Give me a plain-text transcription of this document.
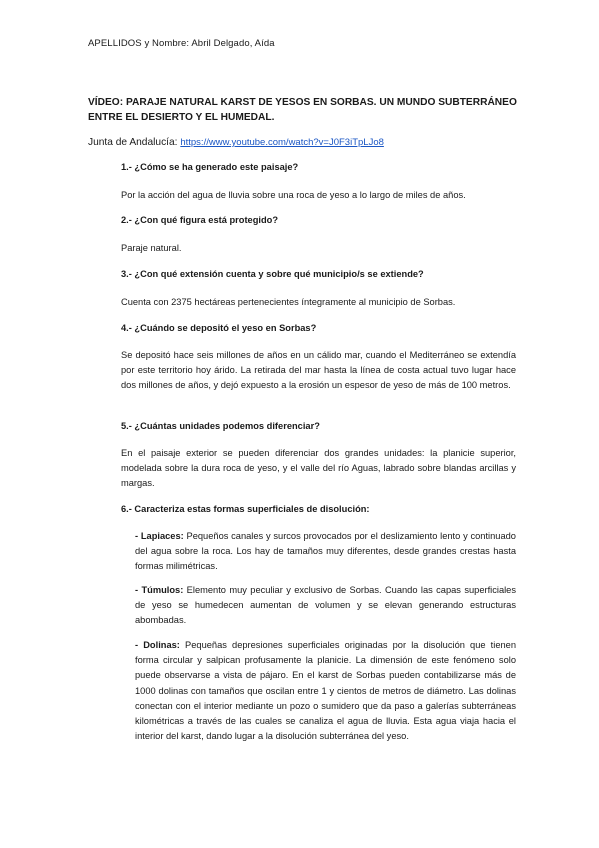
APELLIDOS y Nombre: Abril Delgado, Aída
VÍDEO: PARAJE NATURAL KARST DE YESOS EN SORBAS. UN MUNDO SUBTERRÁNEO ENTRE EL DESIERTO Y EL HUMEDAL.
Junta de Andalucía: https://www.youtube.com/watch?v=J0F3iTpLJo8

1.- ¿Cómo se ha generado este paisaje?

Por la acción del agua de lluvia sobre una roca de yeso a lo largo de miles de años.

2.- ¿Con qué figura está protegido?

Paraje natural.

3.- ¿Con qué extensión cuenta y sobre qué municipio/s se extiende?

Cuenta con 2375 hectáreas pertenecientes íntegramente al municipio de Sorbas.

4.- ¿Cuándo se depositó el yeso en Sorbas?

Se depositó hace seis millones de años en un cálido mar, cuando el Mediterráneo se extendía por este territorio hoy árido. La retirada del mar hasta la línea de costa actual tuvo lugar hace dos millones de años, y dejó expuesto a la erosión un espesor de yeso de más de 100 metros.

5.- ¿Cuántas unidades podemos diferenciar?

En el paisaje exterior se pueden diferenciar dos grandes unidades: la planicie superior, modelada sobre la dura roca de yeso, y el valle del río Aguas, labrado sobre blandas arcillas y margas.

6.- Caracteriza estas formas superficiales de disolución:

- Lapiaces: Pequeños canales y surcos provocados por el deslizamiento lento y continuado del agua sobre la roca. Los hay de tamaños muy diferentes, desde grandes crestas hasta formas milimétricas.

- Túmulos: Elemento muy peculiar y exclusivo de Sorbas. Cuando las capas superficiales de yeso se humedecen aumentan de volumen y se elevan generando estructuras abombadas.

- Dolinas: Pequeñas depresiones superficiales originadas por la disolución que tienen forma circular y salpican profusamente la planicie. La dimensión de este fenómeno solo puede observarse a vista de pájaro. En el karst de Sorbas pueden contabilizarse más de 1000 dolinas con tamaños que oscilan entre 1 y cientos de metros de diámetro. Las dolinas conectan con el interior mediante un pozo o sumidero que da paso a galerías subterráneas kilométricas a través de las cuales se canaliza el agua de lluvia. Esta agua viaja hacia el interior del karst, dando lugar a la disolución subterránea del yeso.
